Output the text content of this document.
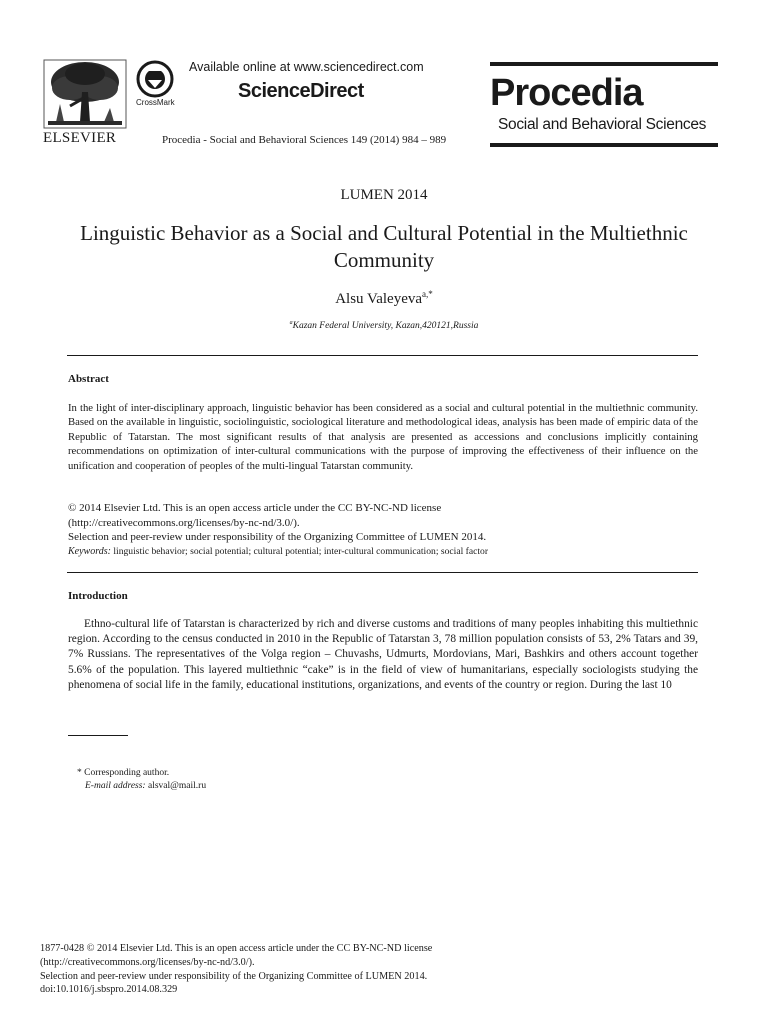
ELSEVIER
CrossMark
Available online at www.sciencedirect.com
ScienceDirect
Procedia - Social and Behavioral Sciences 149 (2014) 984 – 989
Procedia
Social and Behavioral Sciences
LUMEN 2014
Linguistic Behavior as a Social and Cultural Potential in the Multiethnic Community
Alsu Valeyeva$^{a,*}$
$^a$Kazan Federal University, Kazan,420121,Russia
Abstract
In the light of inter-disciplinary approach, linguistic behavior has been considered as a social and cultural potential in the multiethnic community. Based on the available in linguistic, sociolinguistic, sociological literature and methodological ideas, analysis has been made of empiric data of the Republic of Tatarstan. The most significant results of that analysis are presented as accessions and conclusions implicitly containing recommendations on optimization of inter-cultural communications with the purpose of improving the effectiveness of their influence on the unification and cooperation of peoples of the multi-lingual Tatarstan community.
© 2014 Elsevier Ltd. This is an open access article under the CC BY-NC-ND license
(http://creativecommons.org/licenses/by-nc-nd/3.0/).
Selection and peer-review under responsibility of the Organizing Committee of LUMEN 2014.
Keywords: linguistic behavior; social potential; cultural potential; inter-cultural communication; social factor
Introduction
Ethno-cultural life of Tatarstan is characterized by rich and diverse customs and traditions of many peoples inhabiting this multiethnic region. According to the census conducted in 2010 in the Republic of Tatarstan 3, 78 million population consists of 53, 2% Tatars and 39, 7% Russians. The representatives of the Volga region – Chuvashs, Udmurts, Mordovians, Mari, Bashkirs and others account together 5.6% of the population. This layered multiethnic “cake” is in the field of view of humanitarians, especially sociologists studying the phenomena of social life in the family, educational institutions, organizations, and events of the country or region. During the last 10
* Corresponding author.
E-mail address: alsval@mail.ru
1877-0428 © 2014 Elsevier Ltd. This is an open access article under the CC BY-NC-ND license
(http://creativecommons.org/licenses/by-nc-nd/3.0/).
Selection and peer-review under responsibility of the Organizing Committee of LUMEN 2014.
doi:10.1016/j.sbspro.2014.08.329
